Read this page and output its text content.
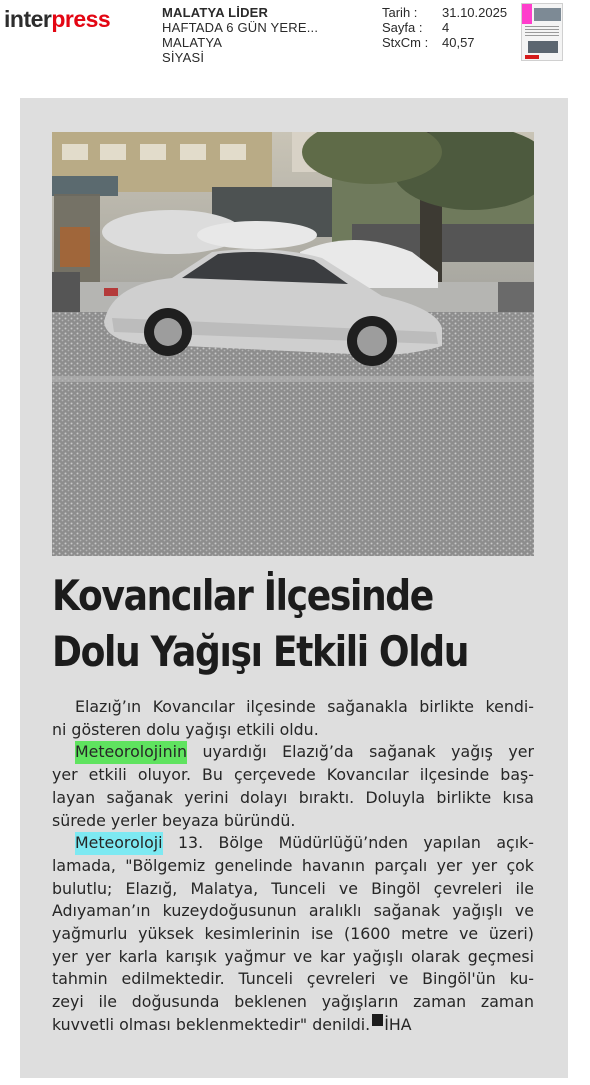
interpress	MALATYA LİDER
HAFTADA 6 GÜN YERE...
MALATYA
SİYASİ
Tarih :	31.10.2025
Sayfa :	4
StxCm :	40,57
Kovancılar İlçesinde
Dolu Yağışı Etkili Oldu
Elazığ’ın Kovancılar ilçesinde sağanakla birlikte kendi-
ni gösteren dolu yağışı etkili oldu.
Meteorolojinin uyardığı Elazığ’da sağanak yağış yer
yer etkili oluyor. Bu çerçevede Kovancılar ilçesinde baş-
layan sağanak yerini dolayı bıraktı. Doluyla birlikte kısa
sürede yerler beyaza büründü.
Meteoroloji 13. Bölge Müdürlüğü’nden yapılan açık-
lamada, "Bölgemiz genelinde havanın parçalı yer yer çok
bulutlu; Elazığ, Malatya, Tunceli ve Bingöl çevreleri ile
Adıyaman’ın kuzeydoğusunun aralıklı sağanak yağışlı ve
yağmurlu yüksek kesimlerinin ise (1600 metre ve üzeri)
yer yer karla karışık yağmur ve kar yağışlı olarak geçmesi
tahmin edilmektedir. Tunceli çevreleri ve Bingöl'ün ku-
zeyi ile doğusunda beklenen yağışların zaman zaman
kuvvetli olması beklenmektedir" denildi. İHA
